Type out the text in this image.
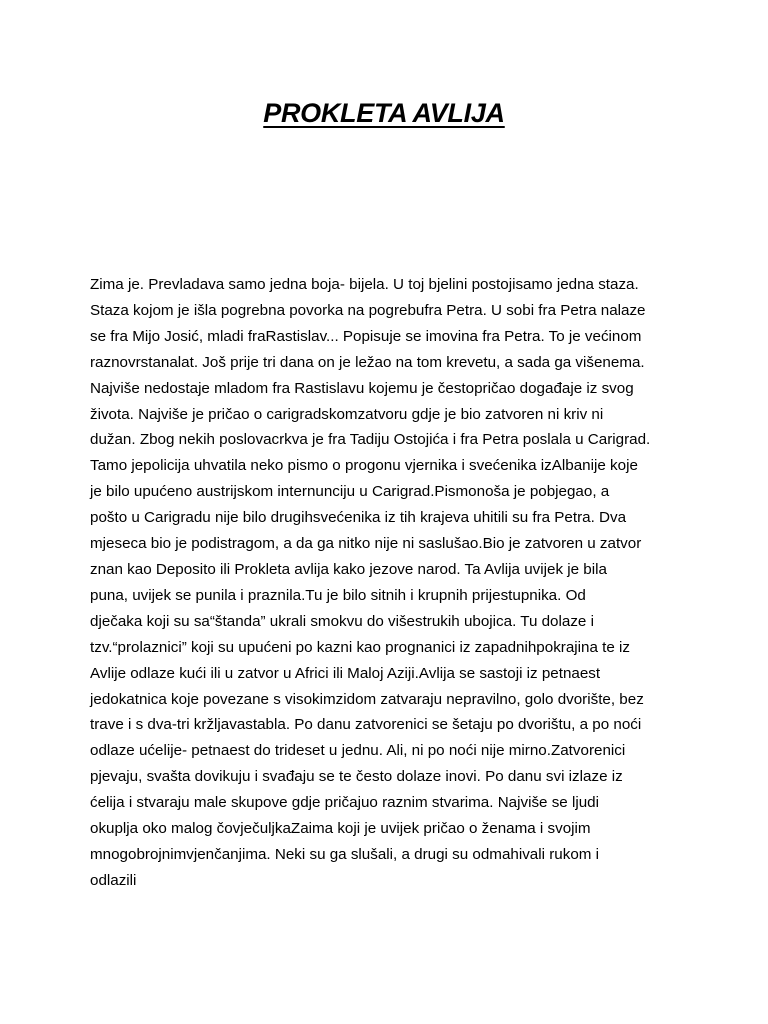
PROKLETA AVLIJA
Zima je. Prevladava samo jedna boja- bijela. U toj bjelini postojisamo jedna staza.
Staza kojom je išla pogrebna povorka na pogrebufra Petra. U sobi fra Petra nalaze
se fra Mijo Josić, mladi fraRastislav... Popisuje se imovina fra Petra. To je većinom
raznovrstanalat. Još prije tri dana on je ležao na tom krevetu, a sada ga višenema.
Najviše nedostaje mladom fra Rastislavu kojemu je čestopričao događaje iz svog
života. Najviše je pričao o carigradskomzatvoru gdje je bio zatvoren ni kriv ni
dužan. Zbog nekih poslovacrkva je fra Tadiju Ostojića i fra Petra poslala u Carigrad.
Tamo jepolicija uhvatila neko pismo o progonu vjernika i svećenika izAlbanije koje
je bilo upućeno austrijskom internunciju u Carigrad.Pismonoša je pobjegao, a
pošto u Carigradu nije bilo drugihsvećenika iz tih krajeva uhitili su fra Petra. Dva
mjeseca bio je podistragom, a da ga nitko nije ni saslušao.Bio je zatvoren u zatvor
znan kao Deposito ili Prokleta avlija kako jezove narod. Ta Avlija uvijek je bila
puna, uvijek se punila i praznila.Tu je bilo sitnih i krupnih prijestupnika. Od
dječaka koji su sa“štanda” ukrali smokvu do višestrukih ubojica. Tu dolaze i
tzv.“prolaznici” koji su upućeni po kazni kao prognanici iz zapadnihpokrajina te iz
Avlije odlaze kući ili u zatvor u Africi ili Maloj Aziji.Avlija se sastoji iz petnaest
jedokatnica koje povezane s visokimzidom zatvaraju nepravilno, golo dvorište, bez
trave i s dva-tri kržljavastabla. Po danu zatvorenici se šetaju po dvorištu, a po noći
odlaze ućelije- petnaest do trideset u jednu. Ali, ni po noći nije mirno.Zatvorenici
pjevaju, svašta dovikuju i svađaju se te često dolaze inovi. Po danu svi izlaze iz
ćelija i stvaraju male skupove gdje pričajuo raznim stvarima. Najviše se ljudi
okuplja oko malog čovječuljkaZaima koji je uvijek pričao o ženama i svojim
mnogobrojnimvjenčanjima. Neki su ga slušali, a drugi su odmahivali rukom i
odlazili
